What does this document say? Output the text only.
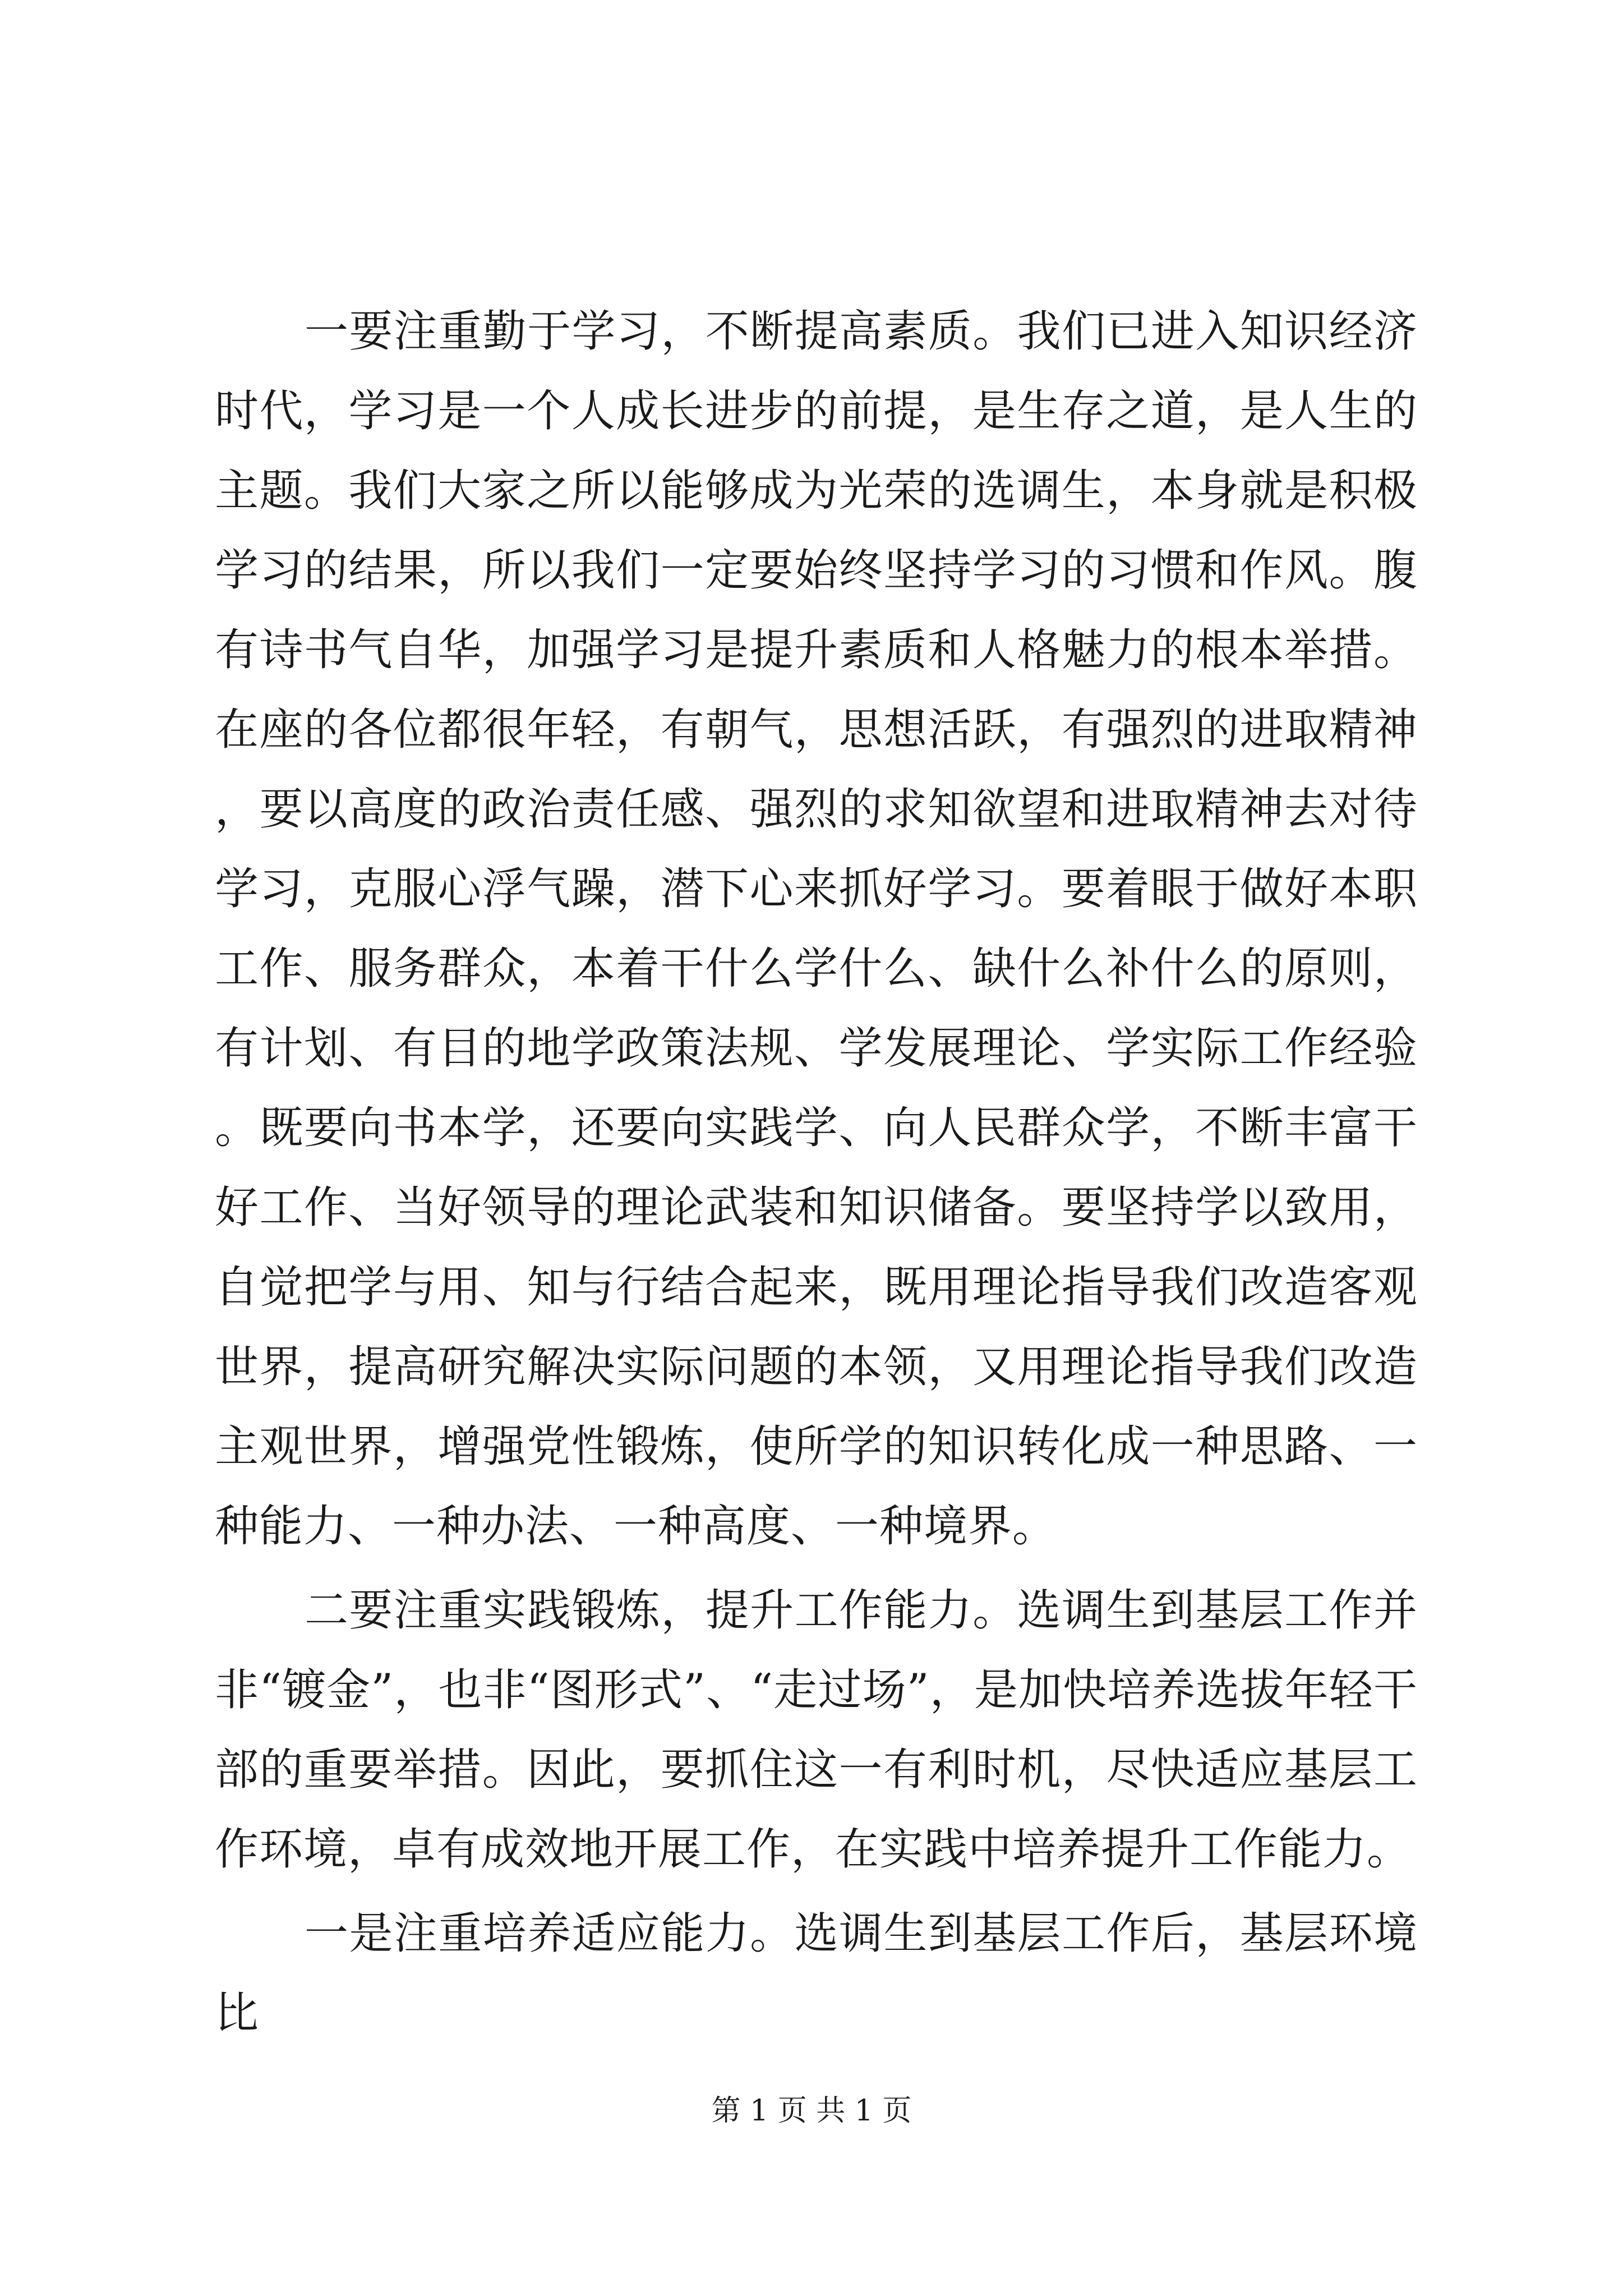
一要注重勤于学习，不断提高素质。我们已进入知识经济时代，学习是一个人成长进步的前提，是生存之道，是人生的主题。我们大家之所以能够成为光荣的选调生，本身就是积极学习的结果，所以我们一定要始终坚持学习的习惯和作风。腹有诗书气自华，加强学习是提升素质和人格魅力的根本举措。在座的各位都很年轻，有朝气，思想活跃，有强烈的进取精神，要以高度的政治责任感、强烈的求知欲望和进取精神去对待学习，克服心浮气躁，潜下心来抓好学习。要着眼于做好本职工作、服务群众，本着干什么学什么、缺什么补什么的原则，有计划、有目的地学政策法规、学发展理论、学实际工作经验。既要向书本学，还要向实践学、向人民群众学，不断丰富干好工作、当好领导的理论武装和知识储备。要坚持学以致用，自觉把学与用、知与行结合起来，既用理论指导我们改造客观世界，提高研究解决实际问题的本领，又用理论指导我们改造主观世界，增强党性锻炼，使所学的知识转化成一种思路、一种能力、一种办法、一种高度、一种境界。

二要注重实践锻炼，提升工作能力。选调生到基层工作并非“镀金”，也非“图形式”、“走过场”，是加快培养选拔年轻干部的重要举措。因此，要抓住这一有利时机，尽快适应基层工作环境，卓有成效地开展工作，在实践中培养提升工作能力。

一是注重培养适应能力。选调生到基层工作后，基层环境比

第 1 页 共 1 页
